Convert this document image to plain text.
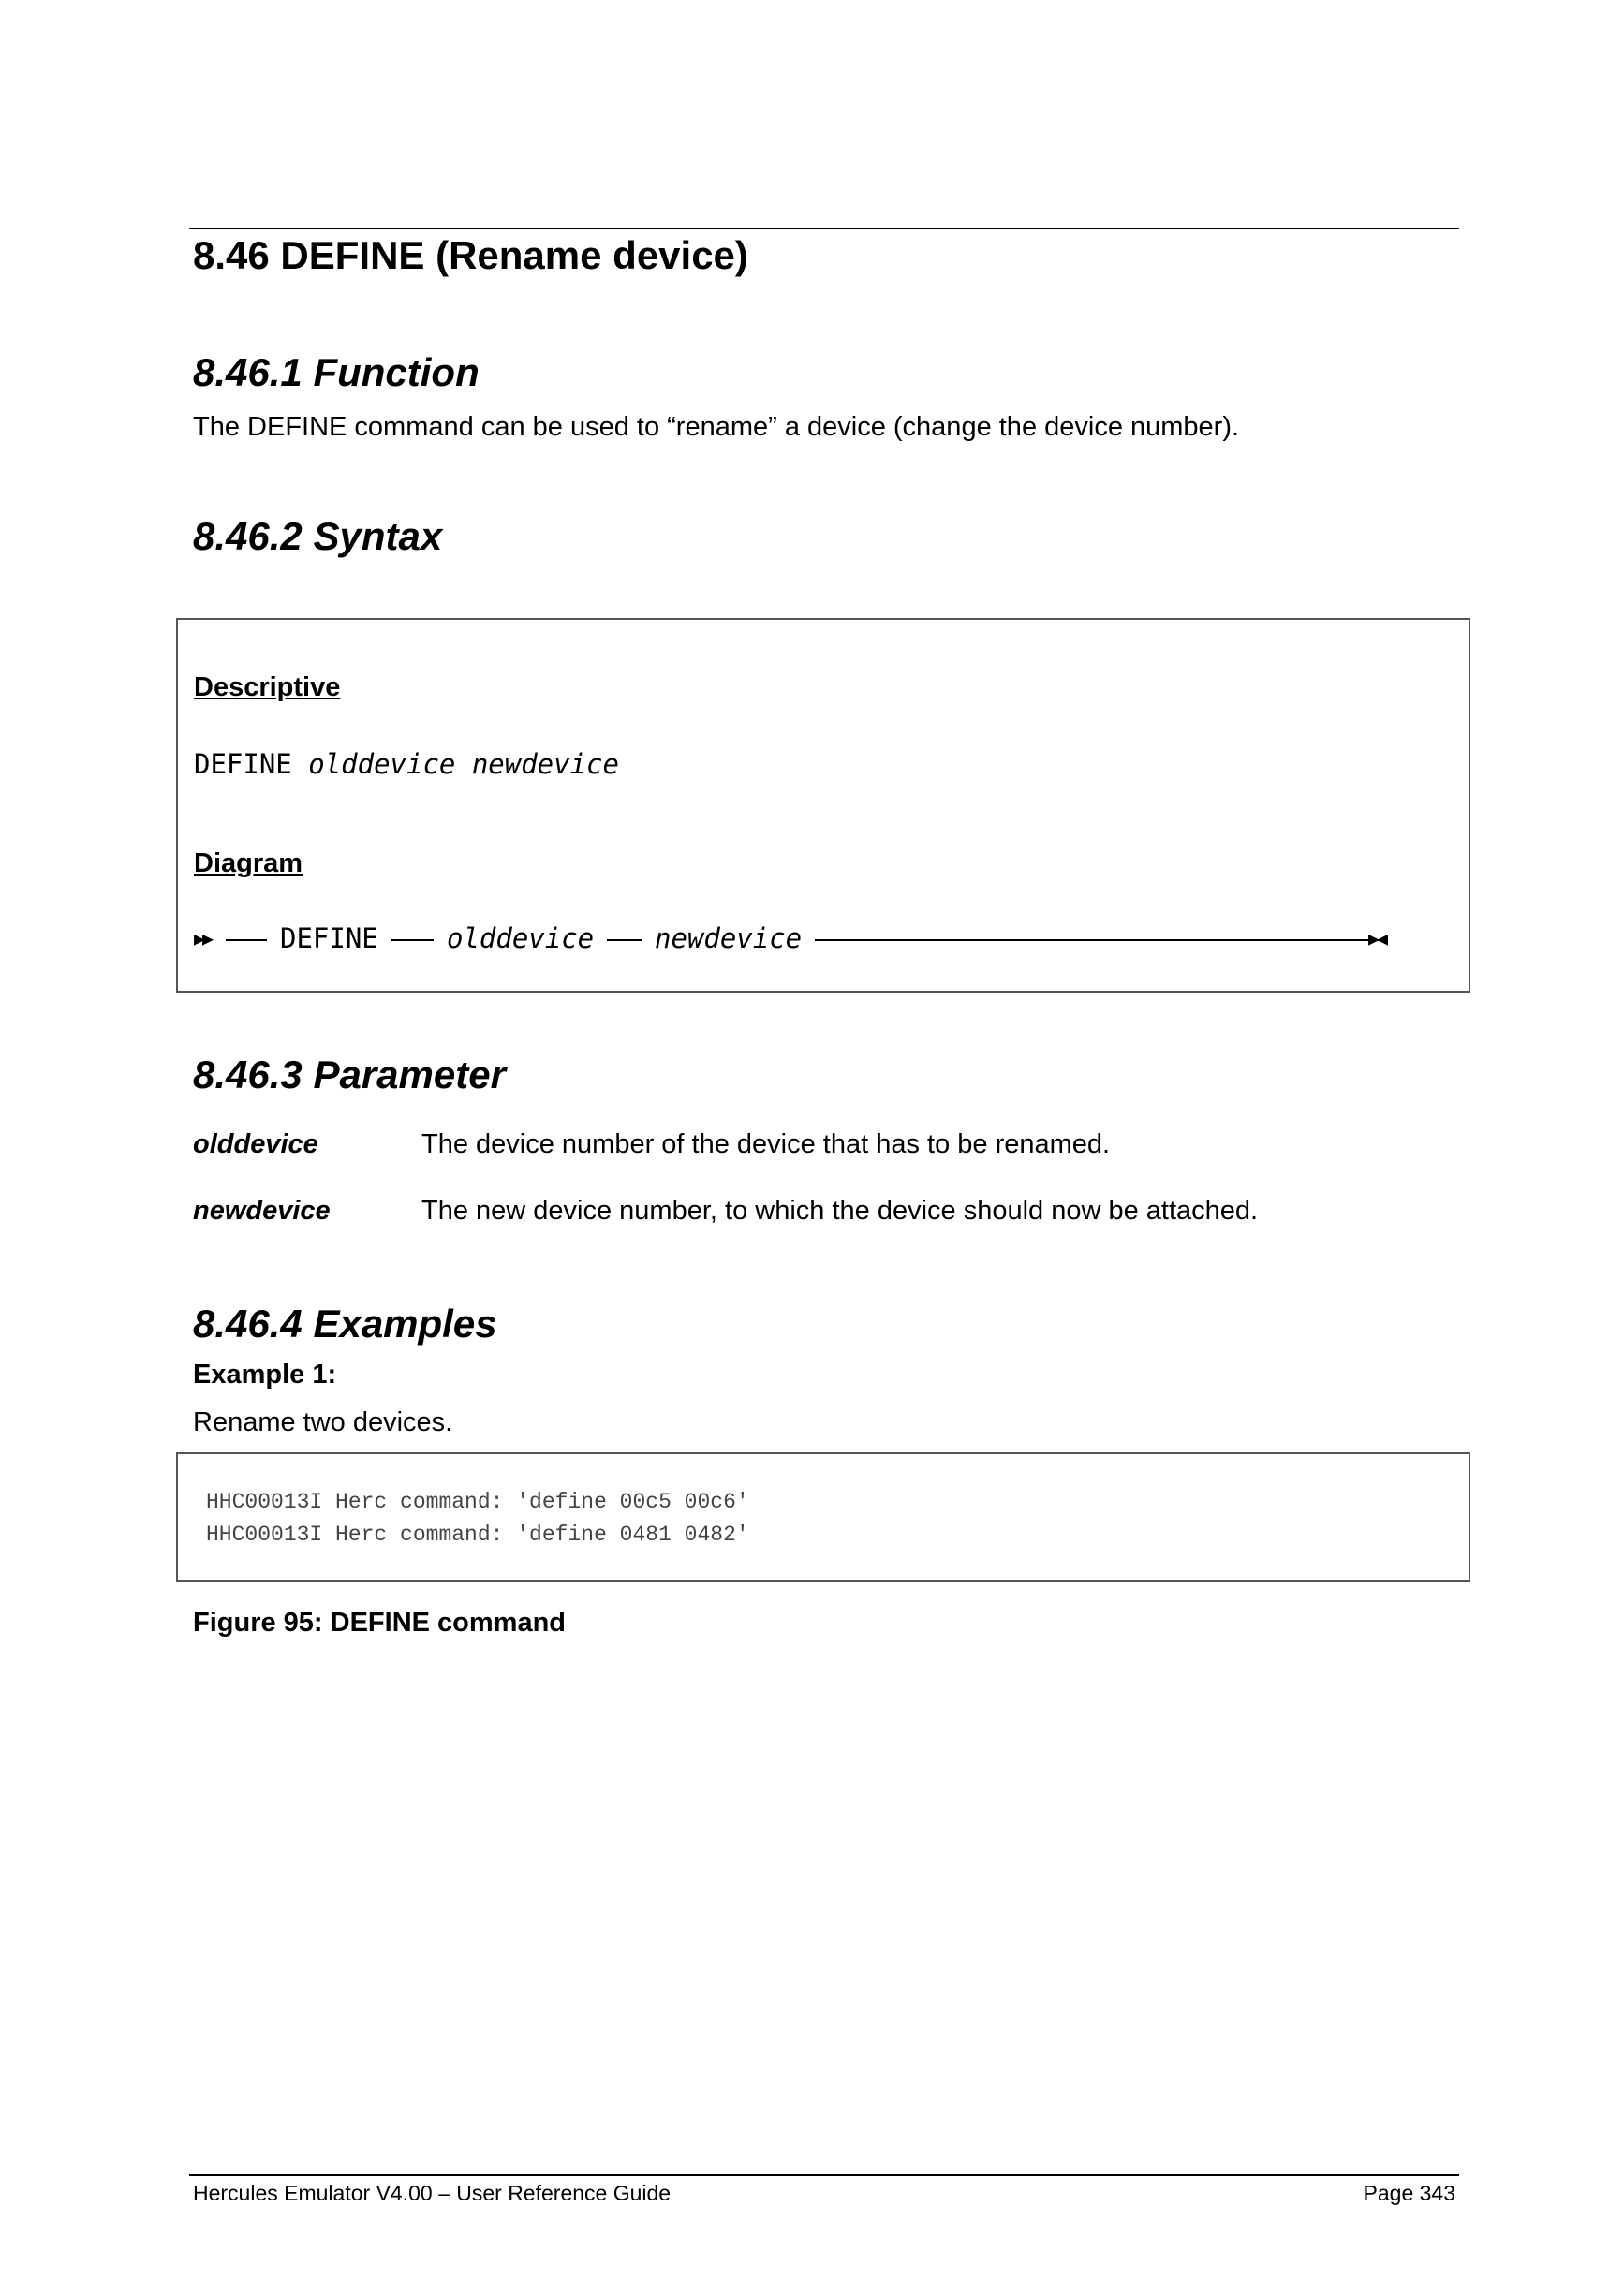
8.46 DEFINE (Rename device)
8.46.1 Function
The DEFINE command can be used to “rename” a device (change the device number).
8.46.2 Syntax
Descriptive
DEFINE olddevice newdevice
Diagram
▶▶	DEFINE	olddevice	newdevice	▶◀
8.46.3 Parameter
olddevice	The device number of the device that has to be renamed.
newdevice	The new device number, to which the device should now be attached.
8.46.4 Examples
Example 1:
Rename two devices.
HHC00013I Herc command: 'define 00c5 00c6'
HHC00013I Herc command: 'define 0481 0482'
Figure 95: DEFINE command
Hercules Emulator V4.00 – User Reference Guide	Page 343
